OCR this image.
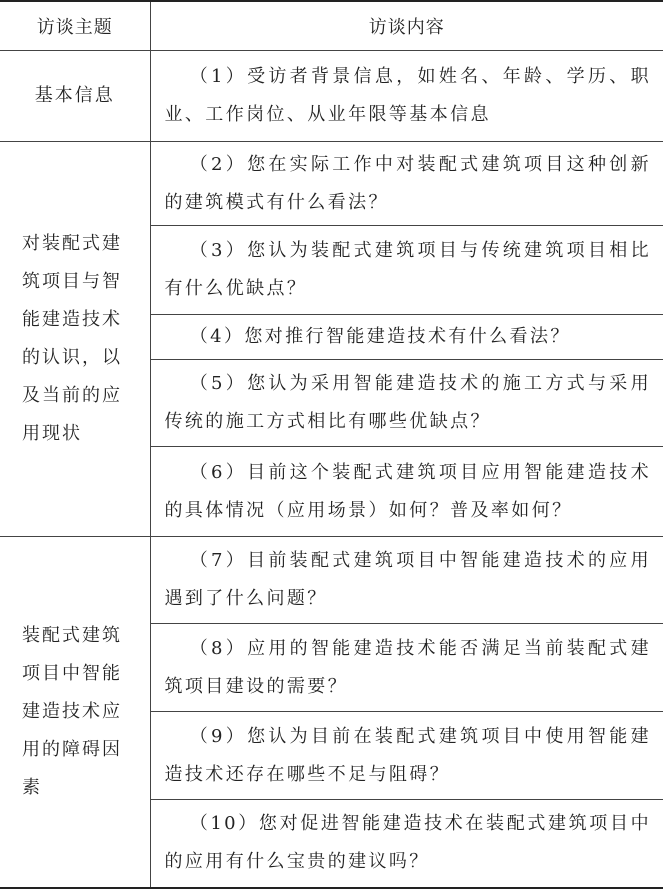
访谈主题	访谈内容
基本信息	（1）受访者背景信息，如姓名、年龄、学历、职业、工作岗位、从业年限等基本信息
对装配式建筑项目与智能建造技术的认识，以及当前的应用现状	（2）您在实际工作中对装配式建筑项目这种创新的建筑模式有什么看法？
	（3）您认为装配式建筑项目与传统建筑项目相比有什么优缺点？
	（4）您对推行智能建造技术有什么看法？
	（5）您认为采用智能建造技术的施工方式与采用传统的施工方式相比有哪些优缺点？
	（6）目前这个装配式建筑项目应用智能建造技术的具体情况（应用场景）如何？普及率如何？
装配式建筑项目中智能建造技术应用的障碍因素	（7）目前装配式建筑项目中智能建造技术的应用遇到了什么问题？
	（8）应用的智能建造技术能否满足当前装配式建筑项目建设的需要？
	（9）您认为目前在装配式建筑项目中使用智能建造技术还存在哪些不足与阻碍？
	（10）您对促进智能建造技术在装配式建筑项目中的应用有什么宝贵的建议吗？
